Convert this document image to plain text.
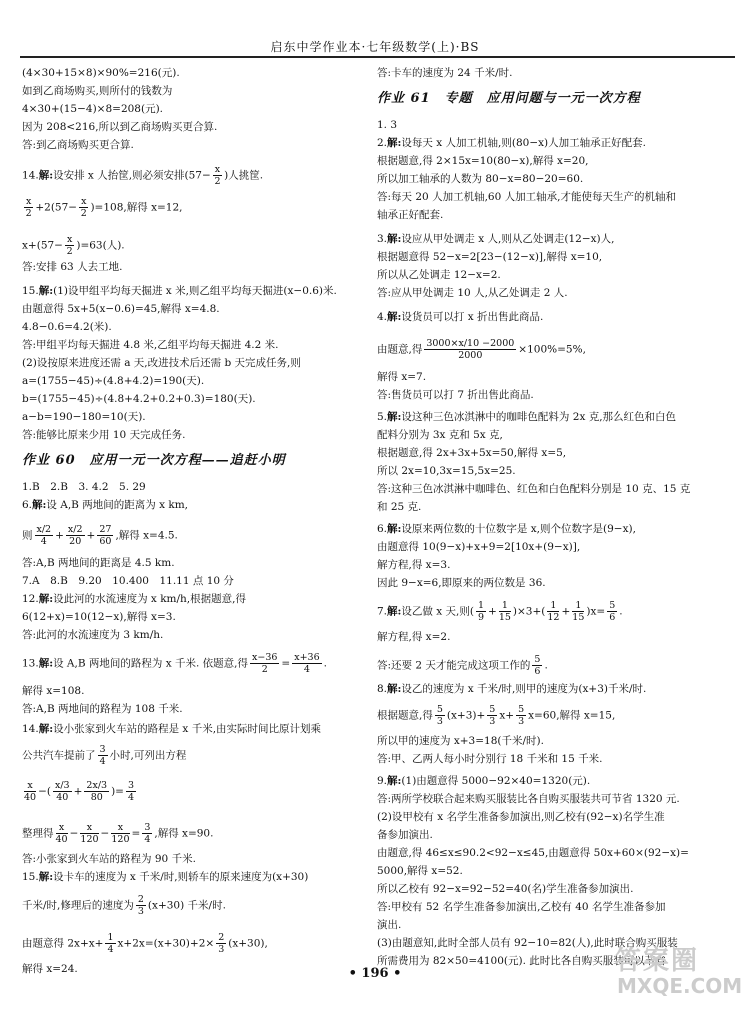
启东中学作业本·七年级数学(上)·BS
(4×30+15×8)×90%=216(元).
如到乙商场购买,则所付的钱数为
4×30+(15−4)×8=208(元).
因为 208<216,所以到乙商场购买更合算.
答:到乙商场购买更合算.
14.解:设安排 x 人抬筐,则必须安排($57- \frac{x}{2}$ )人挑筐.
$\frac{x}{2} +2(57- \frac{x}{2} )=108$,解得 x=12,
$x+(57- \frac{x}{2} )=63$(人).
答:安排 63 人去工地.
15.解:(1)设甲组平均每天掘进 x 米,则乙组平均每天掘进(x−0.6)米.
由题意得 5x+5(x−0.6)=45,解得 x=4.8.
4.8−0.6=4.2(米).
答:甲组平均每天掘进 4.8 米,乙组平均每天掘进 4.2 米.
(2)设按原来进度还需 a 天,改进技术后还需 b 天完成任务,则
a=(1755−45)÷(4.8+4.2)=190(天).
b=(1755−45)÷(4.8+4.2+0.2+0.3)=180(天).
a−b=190−180=10(天).
答:能够比原来少用 10 天完成任务.
作业 60　应用一元一次方程——追赶小明
1.B　2.B　3. 4.2　5. 29
6.解:设 A,B 两地间的距离为 x km,
则 $\frac{x/2}{4} + \frac{x/2}{20} + \frac{27}{60}$ ,解得 x=4.5.
答:A,B 两地间的距离是 4.5 km.
7.A　8.B　9.20　10.400　11.11 点 10 分
12.解:设此河的水流速度为 x km/h,根据题意,得
6(12+x)=10(12−x),解得 x=3.
答:此河的水流速度为 3 km/h.
13.解:设 A,B 两地间的路程为 x 千米. 依题意,得 $\frac{x-36}{2} = \frac{x+36}{4}$ .
解得 x=108.
答:A,B 两地间的路程为 108 千米.
14.解:设小张家到火车站的路程是 x 千米,由实际时间比原计划乘
公共汽车提前了 $\frac{3}{4}$ 小时,可列出方程
$\frac{x}{40}$ −( $\frac{x/3}{40} + \frac{2x/3}{80}$ )= $\frac{3}{4}$
整理得 $\frac{x}{40} - \frac{x}{120} - \frac{x}{120} = \frac{3}{4}$ ,解得 x=90.
答:小张家到火车站的路程为 90 千米.
15.解:设卡车的速度为 x 千米/时,则轿车的原来速度为(x+30)
千米/时,修理后的速度为 $\frac{2}{3} (x+30)$ 千米/时.
由题意得 $2x+x+ \frac{1}{4} x+2x=(x+30)+2\times \frac{2}{3} (x+30)$,
解得 x=24.
答:卡车的速度为 24 千米/时.
作业 61　专题　应用问题与一元一次方程
1. 3
2.解:设每天 x 人加工机轴,则(80−x)人加工轴承正好配套.
根据题意,得 2×15x=10(80−x),解得 x=20,
所以加工轴承的人数为 80−x=80−20=60.
答:每天 20 人加工机轴,60 人加工轴承,才能使每天生产的机轴和
轴承正好配套.
3.解:设应从甲处调走 x 人,则从乙处调走(12−x)人,
根据题意得 52−x=2[23−(12−x)],解得 x=10,
所以从乙处调走 12−x=2.
答:应从甲处调走 10 人,从乙处调走 2 人.
4.解:设货员可以打 x 折出售此商品.
由题意,得 $\frac{3000\times x/10 -2000}{2000} \times 100\%=5\%$,
解得 x=7.
答:售货员可以打 7 折出售此商品.
5.解:设这种三色冰淇淋中的咖啡色配料为 2x 克,那么红色和白色
配料分别为 3x 克和 5x 克,
根据题意,得 2x+3x+5x=50,解得 x=5,
所以 2x=10,3x=15,5x=25.
答:这种三色冰淇淋中咖啡色、红色和白色配料分别是 10 克、15 克
和 25 克.
6.解:设原来两位数的十位数字是 x,则个位数字是(9−x),
由题意得 10(9−x)+x+9=2[10x+(9−x)],
解方程,得 x=3.
因此 9−x=6,即原来的两位数是 36.
7.解:设乙做 x 天,则( $\frac{1}{9} + \frac{1}{15} )\times 3+( \frac{1}{12} + \frac{1}{15} )x= \frac{5}{6}$ .
解方程,得 x=2.
答:还要 2 天才能完成这项工作的 $\frac{5}{6}$ .
8.解:设乙的速度为 x 千米/时,则甲的速度为(x+3)千米/时.
根据题意,得 $\frac{5}{3} (x+3)+ \frac{5}{3} x+ \frac{5}{3} x=60$,解得 x=15,
所以甲的速度为 x+3=18(千米/时).
答:甲、乙两人每小时分别行 18 千米和 15 千米.
9.解:(1)由题意得 5000−92×40=1320(元).
答:两所学校联合起来购买服装比各自购买服装共可节省 1320 元.
(2)设甲校有 x 名学生准备参加演出,则乙校有(92−x)名学生准
备参加演出.
由题意,得 46≤x≤90.2<92−x≤45,由题意得 50x+60×(92−x)=
5000,解得 x=52.
所以乙校有 92−x=92−52=40(名)学生准备参加演出.
答:甲校有 52 名学生准备参加演出,乙校有 40 名学生准备参加
演出.
(3)由题意知,此时全部人员有 92−10=82(人),此时联合购买服装
所需费用为 82×50=4100(元). 此时比各自购买服装可以节省
• 196 •	答案圈
MXQE.COM
